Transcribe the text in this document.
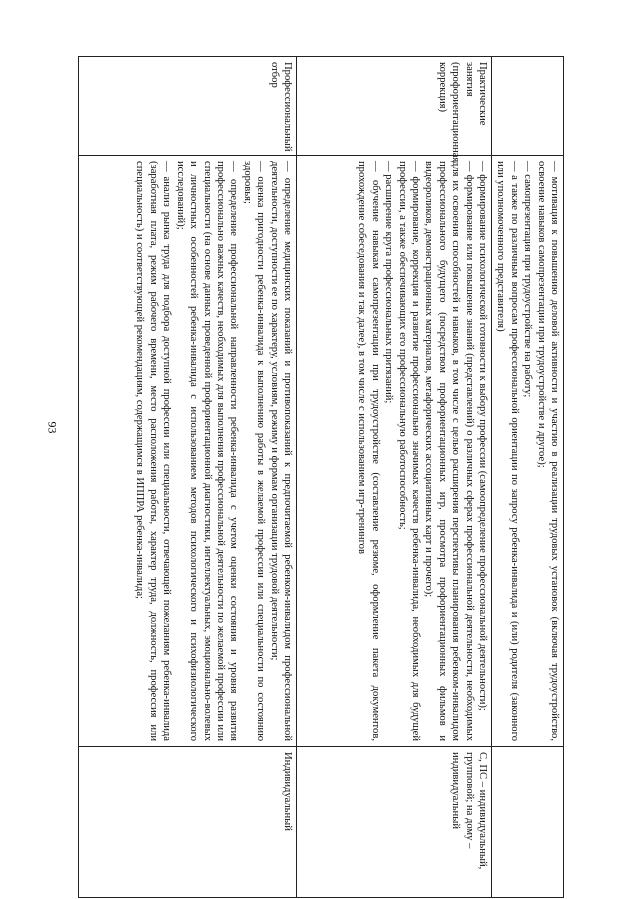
93

	— мотивация к повышению деловой активности и участию в реализации трудовых установок (включая трудоустройство, освоение навыков самопрезентации при трудоустройстве и другое);
— самопрезентация при трудоустройстве на работу;
— а также по различным вопросам профессиональной ориентации по запросу ребенка-инвалида и (или) родителя (законного или уполномоченного представителя)	

Практические занятия (профориентационная коррекция)	— формирование психологической готовности к выбору профессии (самоопределение профессиональной деятельности);
— формирование или повышение знаний (представлений) о различных сферах профессиональной деятельности, необходимых для их освоения способностей и навыков, в том числе с целью расширения перспективы планирования ребенком-инвалидом профессионального будущего (посредством профориентационных игр, просмотра профориентационных фильмов и видеороликов, демонстрационных материалов, метафорических ассоциативных карт и прочего);
— формирование, коррекция и развитие профессионально значимых качеств ребенка-инвалида, необходимых для будущей профессии, а также обеспечивающих его профессиональную работоспособность;
— расширение круга профессиональных притязаний;
— обучение навыкам самопрезентации при трудоустройстве (составление резюме, оформление пакета документов, прохождение собеседования и так далее), в том числе с использованием игр-тренингов	С, ПС – индивидуальный, групповой; на дому – индивидуальный
Профессиональный отбор	— определение медицинских показаний и противопоказаний к предпочитаемой ребенком-инвалидом профессиональной деятельности, доступности ее по характеру, условиям, режиму и формам организации трудовой деятельности;
— оценка пригодности ребенка-инвалида к выполнению работы в желаемой профессии или специальности по состоянию здоровья;
— определение профессиональной направленности ребенка-инвалида с учетом оценки состояния и уровня развития профессионально важных качеств, необходимых для выполнения профессиональной деятельности по желаемой профессии или специальности (на основе данных проведенной профориентационной диагностики, интеллектуальных, эмоционально-волевых и личностных особенностей ребенка-инвалида с использованием методов психологического и психофизиологического исследований);
— анализ рынка труда для подбора доступной профессии или специальности, отвечающей пожеланиям ребенка-инвалида (заработная плата, режим рабочего времени, место расположения работы, характер труда, должность, профессия или специальность) и соответствующей рекомендациям, содержащимся в ИППРА ребенка-инвалида;	Индивидуальный
